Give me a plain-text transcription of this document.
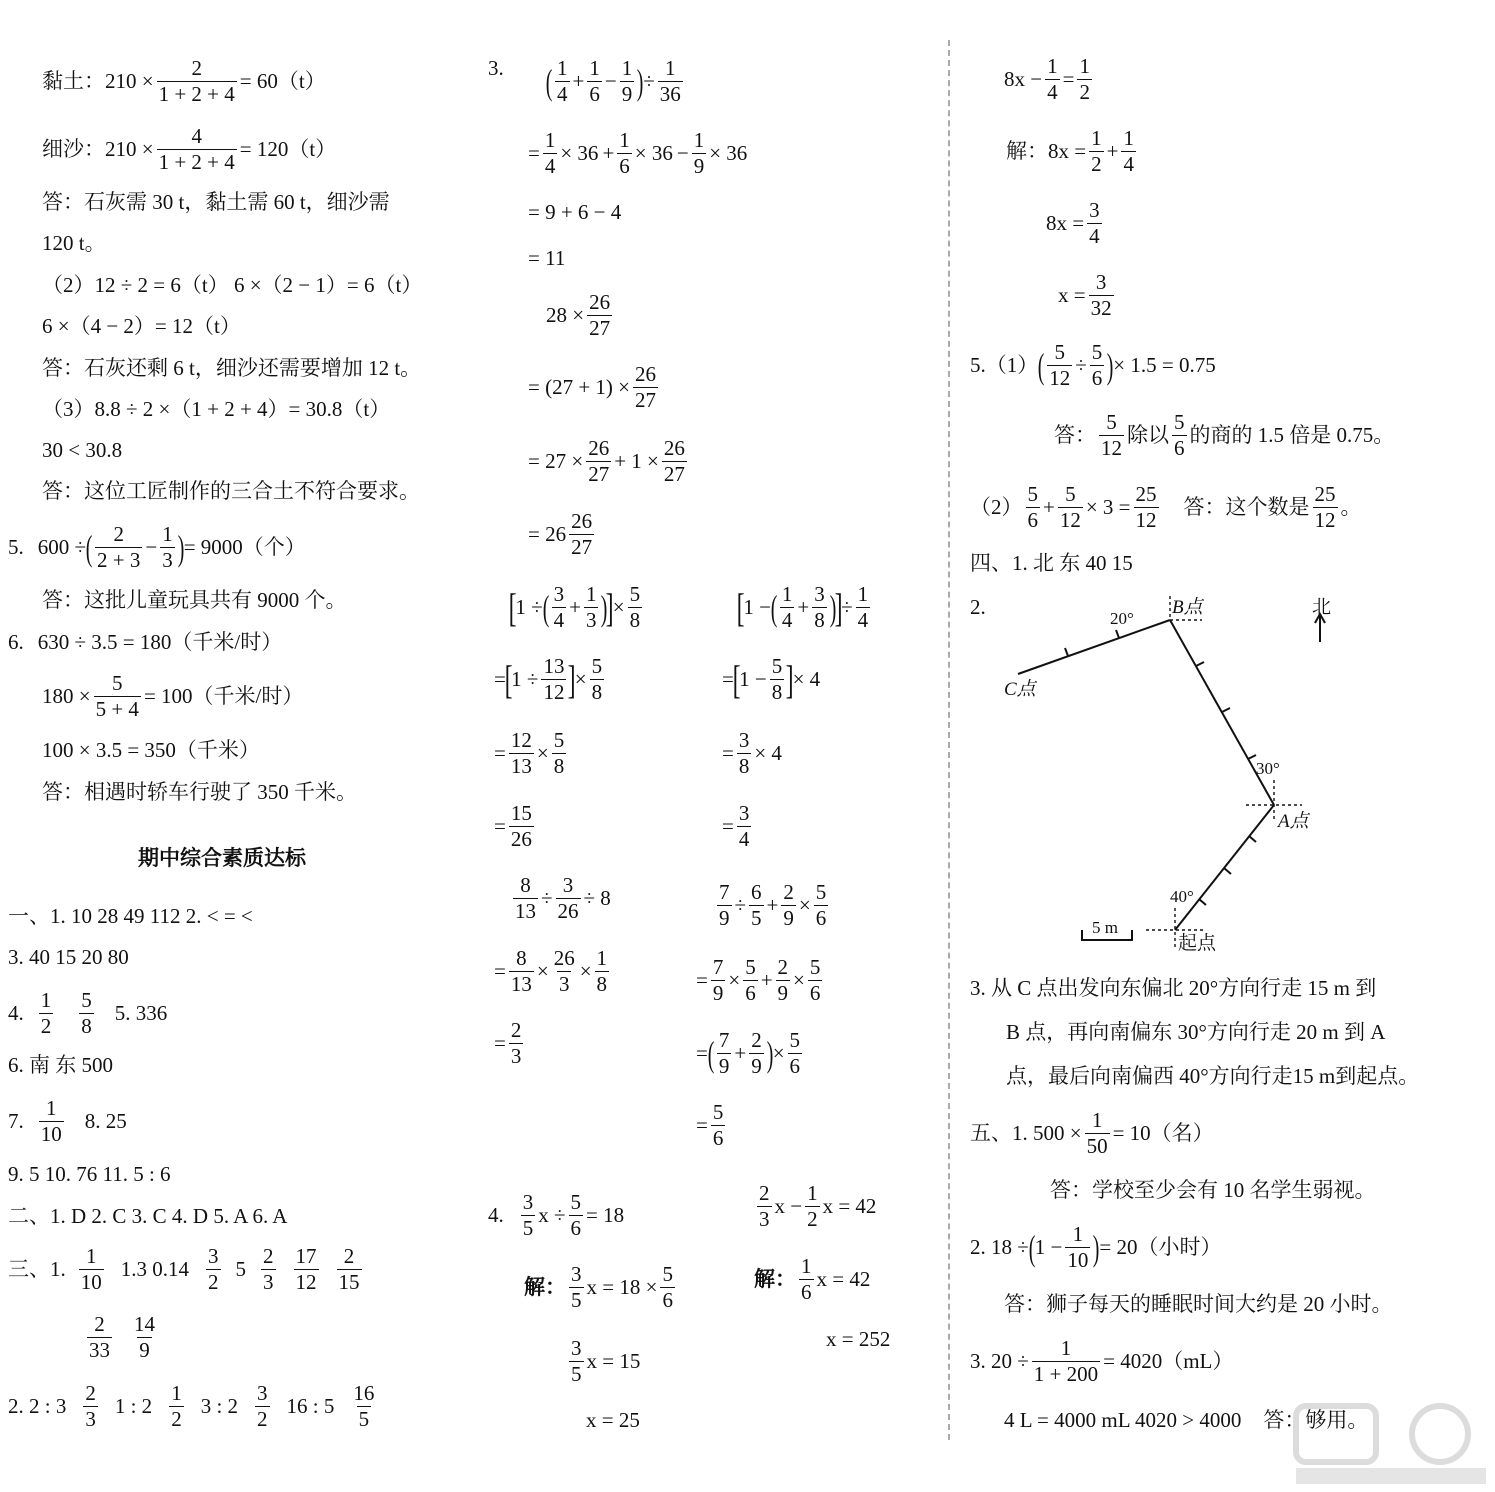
黏土： $210 \times \frac{2}{1 + 2 + 4} = 60(t)$
细沙： $210 \times \frac{4}{1 + 2 + 4} = 120(t)$
答：石灰需 30 t，黏土需 60 t，细沙需
120 t。
（2）12 ÷ 2 = 6（t） 6 ×（2 − 1）= 6（t）
6 ×（4 − 2）= 12（t）
答：石灰还剩 6 t，细沙还需要增加 12 t。
（3）8.8 ÷ 2 ×（1 + 2 + 4）= 30.8（t）
30 < 30.8
答：这位工匠制作的三合土不符合要求。
5. 600 ÷ ( 2
2 + 3
− $\frac{1}{3}$ ) = 9000（个）
答：这批儿童玩具共有 9000 个。
6. 630 ÷ 3.5 = 180（千米/时）
$180 \times \frac{5}{5 + 4} = 100$（千米/时）
100 × 3.5 = 350（千米）
答：相遇时轿车行驶了 350 千米。
期中综合素质达标
一、1. 10 28 49 112 2. < = <
3. 40 15 20 80
4.
1
2
5
8
5. 336
6. 南 东 500
7.
1
10
8. 25
9. 5 10. 76 11. 5 : 6
二、1. D 2. C 3. C 4. D 5. A 6. A
三、1.
1
10
1.3 0.14
3
2
5
2
3
17
12
2
15
2
33
14
9
2. 2 : 3
2
3
1 : 2
1
2
3 : 2
3
2
16 : 5
16
5
3. ( 1
4
+ $\frac{1}{6} - \frac{1}{9}$ ) ÷ $\frac{1}{36}$
= $\frac{1}{4} \times 36 + \frac{1}{6} \times 36 - \frac{1}{9} \times 36$
= 9 + 6 − 4
= 11
$28 \times \frac{26}{27}$
= $(27 + 1) \times \frac{26}{27}$
= $27 \times \frac{26}{27} + 1 \times \frac{26}{27}$
= 26
26
27
[
1 ÷ ( 3
4
+ $\frac{1}{3}$ )
]
× $\frac{5}{8}$
=
[
$1 \div \frac{13}{12}$ ]
× $\frac{5}{8}$
= $\frac{12}{13} \times \frac{5}{8}$
= $\frac{15}{26}$
[
1 − ( 1
4
+ $\frac{3}{8}$ )
]
÷ $\frac{1}{4}$
=
[
$1 - \frac{5}{8}$ ]
× 4
= $\frac{3}{8} \times 4$
= $\frac{3}{4}$
$\frac{8}{13} \div \frac{3}{26} \div 8$
= $\frac{8}{13} \times \frac{26}{3} \times \frac{1}{8}$
= $\frac{2}{3}$
$\frac{7}{9} \div \frac{6}{5} + \frac{2}{9} \times \frac{5}{6}$
= $\frac{7}{9} \times \frac{5}{6} + \frac{2}{9} \times \frac{5}{6}$
= ( 7
9
+ $\frac{2}{9}$ ) × $\frac{5}{6}$
= $\frac{5}{6}$
4.
3
5
$x \div \frac{5}{6} = 18$
解：
3
5
$x = 18 \times \frac{5}{6}$
3
5
x = 15
x = 25
2
3
$x - \frac{1}{2}$ x = 42
解：
1
6
x = 42
x = 252
$8x - \frac{1}{4} = \frac{1}{2}$
解：$8x = \frac{1}{2} + \frac{1}{4}$
$8x = \frac{3}{4}$
$x = \frac{3}{32}$
5.（1） ( $\frac{5}{12} \div \frac{5}{6}$ ) × 1.5 = 0.75
答：
5
12
除以
5
6
的商的 1.5 倍是 0.75。
（2）
5
6
+ $\frac{5}{12} \times 3 = \frac{25}{12}$ 答：这个数是
25
12
。
四、1. 北 东 40 15
2.	B点
C点
A点
起点
北
20°
30°
40°
5 m
3. 从 C 点出发向东偏北 20°方向行走 15 m 到
B 点，再向南偏东 30°方向行走 20 m 到 A
点，最后向南偏西 40°方向行走15 m到起点。
五、1. $500 \times \frac{1}{50} = 10$（名）
答：学校至少会有 10 名学生弱视。
2. 18 ÷ ( $1 - \frac{1}{10}$ ) = 20（小时）
答：狮子每天的睡眠时间大约是 20 小时。
3. $20 \div \frac{1}{1 + 200} = 4020(mL)$
4 L = 4000 mL 4020 > 4000 答：够用。
